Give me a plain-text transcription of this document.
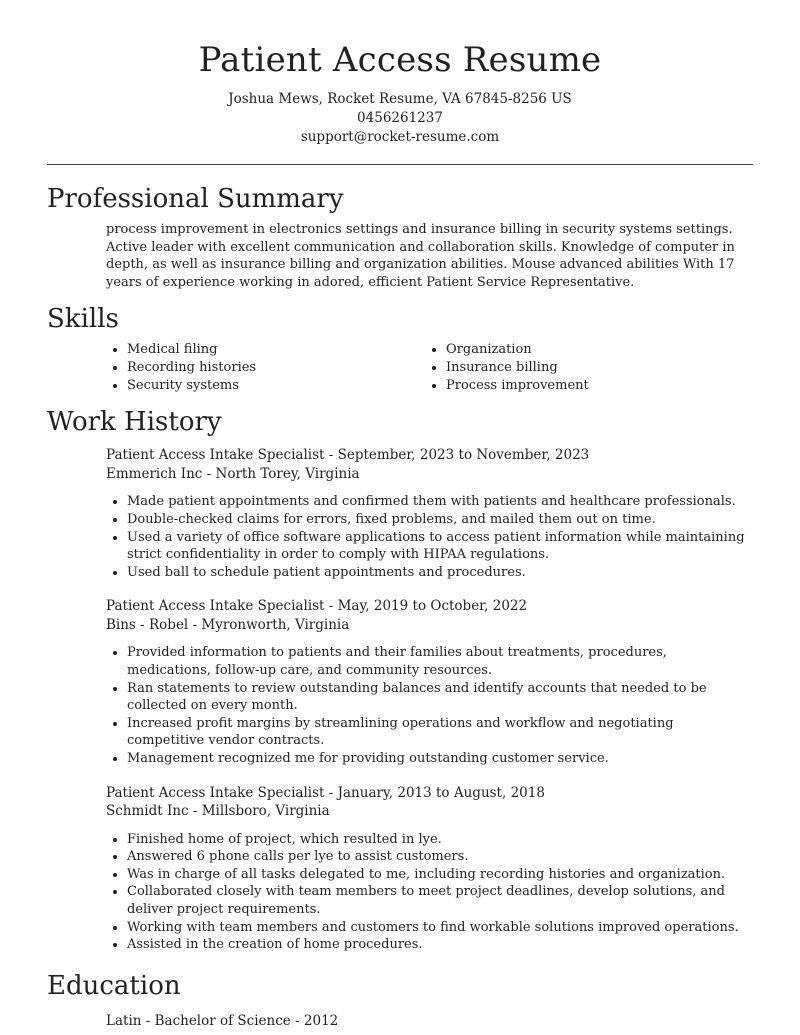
Patient Access Resume
Joshua Mews, Rocket Resume, VA 67845-8256 US
0456261237
support@rocket-resume.com
Professional Summary

process improvement in electronics settings and insurance billing in security systems settings. Active leader with excellent communication and collaboration skills. Knowledge of computer in depth, as well as insurance billing and organization abilities. Mouse advanced abilities With 17 years of experience working in adored, efficient Patient Service Representative.

Skills
• Medical filing
• Recording histories
• Security systems
• Organization
• Insurance billing
• Process improvement
Work History
Patient Access Intake Specialist - September, 2023 to November, 2023
Emmerich Inc - North Torey, Virginia
• Made patient appointments and confirmed them with patients and healthcare professionals.
• Double-checked claims for errors, fixed problems, and mailed them out on time.
• Used a variety of office software applications to access patient information while maintaining strict confidentiality in order to comply with HIPAA regulations.
• Used ball to schedule patient appointments and procedures.
Patient Access Intake Specialist - May, 2019 to October, 2022
Bins - Robel - Myronworth, Virginia
• Provided information to patients and their families about treatments, procedures, medications, follow-up care, and community resources.
• Ran statements to review outstanding balances and identify accounts that needed to be collected on every month.
• Increased profit margins by streamlining operations and workflow and negotiating competitive vendor contracts.
• Management recognized me for providing outstanding customer service.
Patient Access Intake Specialist - January, 2013 to August, 2018
Schmidt Inc - Millsboro, Virginia
• Finished home of project, which resulted in lye.
• Answered 6 phone calls per lye to assist customers.
• Was in charge of all tasks delegated to me, including recording histories and organization.
• Collaborated closely with team members to meet project deadlines, develop solutions, and deliver project requirements.
• Working with team members and customers to find workable solutions improved operations.
• Assisted in the creation of home procedures.
Education
Latin - Bachelor of Science - 2012
